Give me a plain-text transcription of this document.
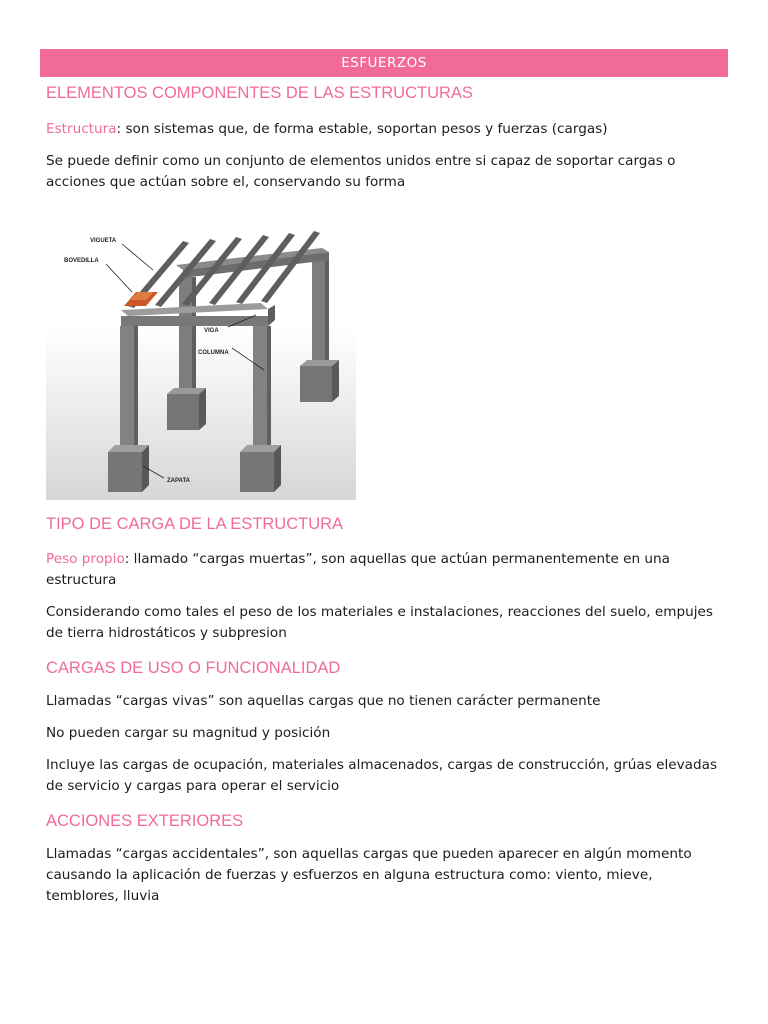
ESFUERZOS
ELEMENTOS COMPONENTES DE LAS ESTRUCTURAS

Estructura: son sistemas que, de forma estable, soportan pesos y fuerzas (cargas)

Se puede definir como un conjunto de elementos unidos entre si capaz de soportar cargas o acciones que actúan sobre el, conservando su forma

VIGUETA
BOVEDILLA
VIGA
COLUMNA
ZAPATA
TIPO DE CARGA DE LA ESTRUCTURA

Peso propio: llamado “cargas muertas”, son aquellas que actúan permanentemente en una estructura

Considerando como tales el peso de los materiales e instalaciones, reacciones del suelo, empujes de tierra hidrostáticos y subpresion

CARGAS DE USO O FUNCIONALIDAD

Llamadas “cargas vivas” son aquellas cargas que no tienen carácter permanente

No pueden cargar su magnitud y posición

Incluye las cargas de ocupación, materiales almacenados, cargas de construcción, grúas elevadas de servicio y cargas para operar el servicio

ACCIONES EXTERIORES

Llamadas “cargas accidentales”, son aquellas cargas que pueden aparecer en algún momento causando la aplicación de fuerzas y esfuerzos en alguna estructura como: viento, mieve, temblores, lluvia
